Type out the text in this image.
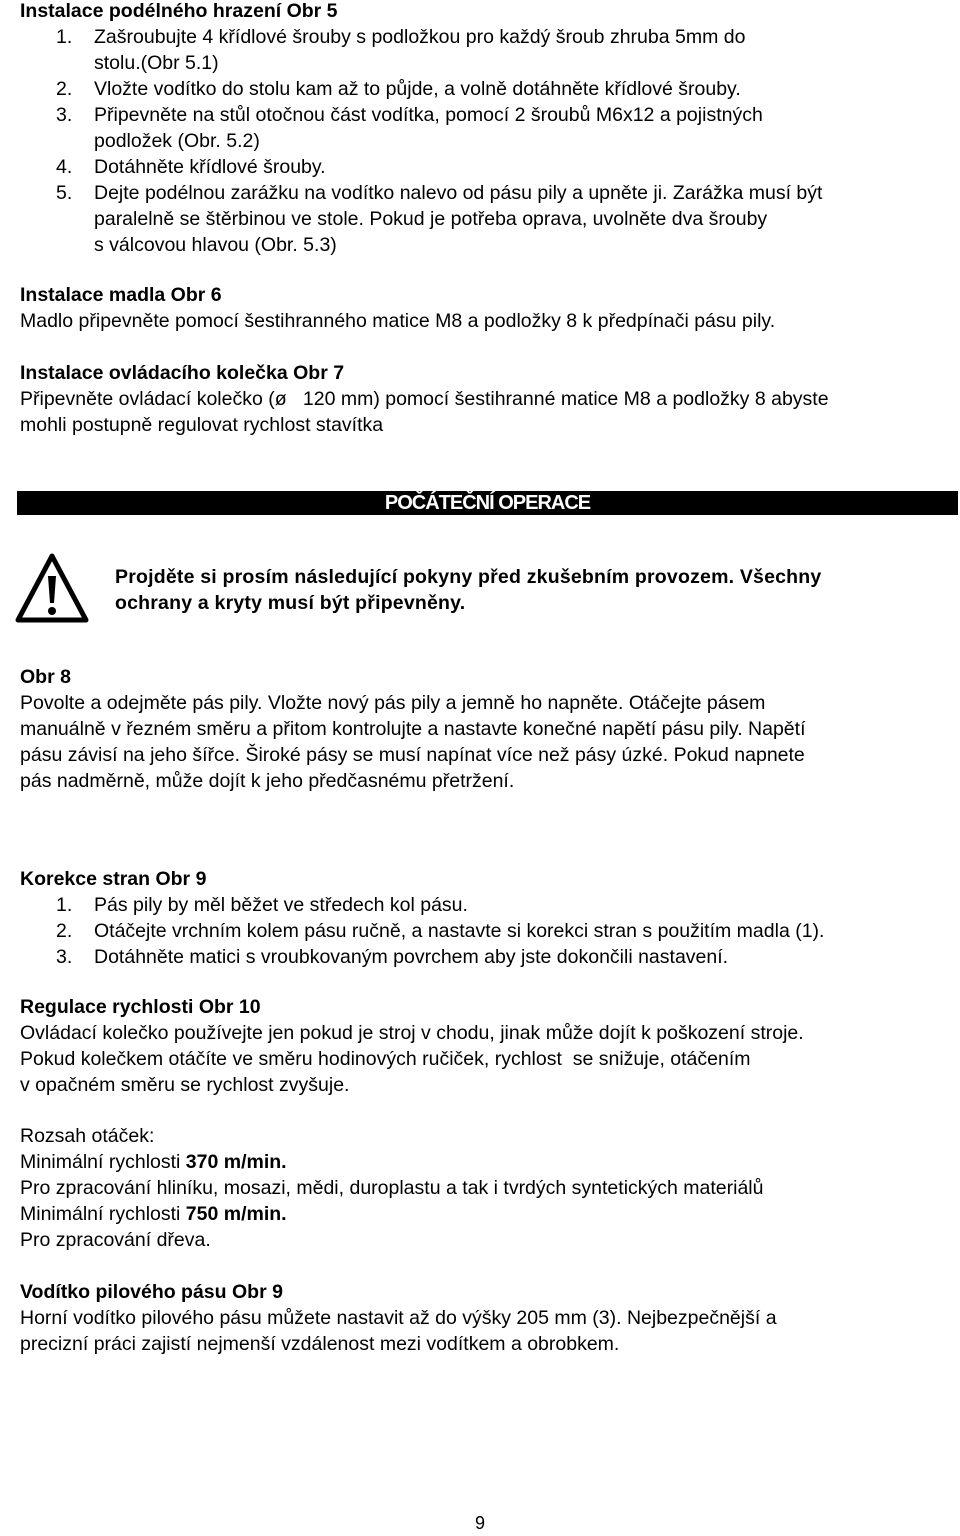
Instalace podélného hrazení Obr 5

1. Zašroubujte 4 křídlové šrouby s podložkou pro každý šroub zhruba 5mm do
stolu.(Obr 5.1)
2. Vložte vodítko do stolu kam až to půjde, a volně dotáhněte křídlové šrouby.
3. Připevněte na stůl otočnou část vodítka, pomocí 2 šroubů M6x12 a pojistných
podložek (Obr. 5.2)
4. Dotáhněte křídlové šrouby.
5. Dejte podélnou zarážku na vodítko nalevo od pásu pily a upněte ji. Zarážka musí být
paralelně se štěrbinou ve stole. Pokud je potřeba oprava, uvolněte dva šrouby
s válcovou hlavou (Obr. 5.3)

Instalace madla Obr 6

Madlo připevněte pomocí šestihranného matice M8 a podložky 8 k předpínači pásu pily.

Instalace ovládacího kolečka Obr 7

Připevněte ovládací kolečko (ø   120 mm) pomocí šestihranné matice M8 a podložky 8 abyste

mohli postupně regulovat rychlost stavítka

POČÁTEČNÍ OPERACE

Projděte si prosím následující pokyny před zkušebním provozem. Všechny

ochrany a kryty musí být připevněny.

Obr 8

Povolte a odejměte pás pily. Vložte nový pás pily a jemně ho napněte. Otáčejte pásem

manuálně v řezném směru a přitom kontrolujte a nastavte konečné napětí pásu pily. Napětí

pásu závisí na jeho šířce. Široké pásy se musí napínat více než pásy úzké. Pokud napnete

pás nadměrně, může dojít k jeho předčasnému přetržení.

Korekce stran Obr 9

1. Pás pily by měl běžet ve středech kol pásu.
2. Otáčejte vrchním kolem pásu ručně, a nastavte si korekci stran s použitím madla (1).
3. Dotáhněte matici s vroubkovaným povrchem aby jste dokončili nastavení.

Regulace rychlosti Obr 10

Ovládací kolečko používejte jen pokud je stroj v chodu, jinak může dojít k poškození stroje.

Pokud kolečkem otáčíte ve směru hodinových ručiček, rychlost  se snižuje, otáčením

v opačném směru se rychlost zvyšuje.

Rozsah otáček:

Minimální rychlosti 370 m/min.

Pro zpracování hliníku, mosazi, mědi, duroplastu a tak i tvrdých syntetických materiálů

Minimální rychlosti 750 m/min.

Pro zpracování dřeva.

Vodítko pilového pásu Obr 9

Horní vodítko pilového pásu můžete nastavit až do výšky 205 mm (3). Nejbezpečnější a

precizní práci zajistí nejmenší vzdálenost mezi vodítkem a obrobkem.

9
